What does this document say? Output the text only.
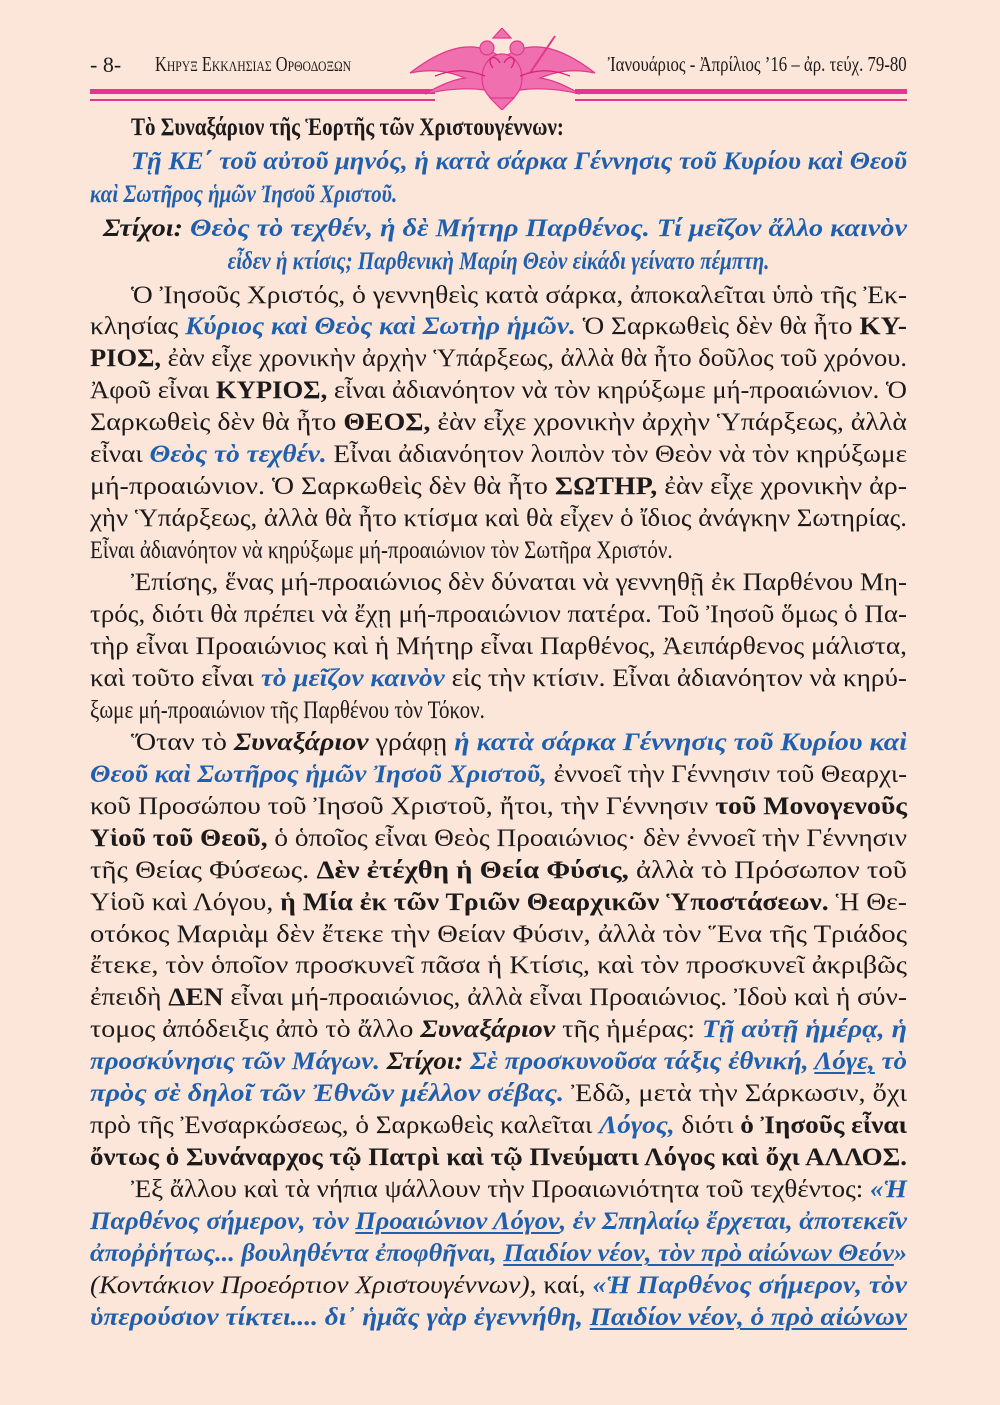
- 8- Κηρυξ Εκκλησιας Ορθοδοξων	Ἰανουάριος - Ἀπρίλιος ’16 – ἀρ. τεύχ. 79-80
Τὸ Συναξάριον τῆς Ἑορτῆς τῶν Χριστουγέννων:
Τῇ ΚΕ΄ τοῦ αὐτοῦ μηνός, ἡ κατὰ σάρκα Γέννησις τοῦ Κυρίου καὶ Θεοῦ
καὶ Σωτῆρος ἡμῶν Ἰησοῦ Χριστοῦ.
Στίχοι: Θεὸς τὸ τεχθέν, ἡ δὲ Μήτηρ Παρθένος. Τί μεῖζον ἄλλο καινὸν
εἶδεν ἡ κτίσις; Παρθενικὴ Μαρίη Θεὸν εἰκάδι γείνατο πέμπτη.
Ὁ Ἰησοῦς Χριστός, ὁ γεννηθεὶς κατὰ σάρκα, ἀποκαλεῖται ὑπὸ τῆς Ἐκ-
κλησίας Κύριος καὶ Θεὸς καὶ Σωτὴρ ἡμῶν. Ὁ Σαρκωθεὶς δὲν θὰ ἦτο ΚΥ-
ΡΙΟΣ, ἐὰν εἶχε χρονικὴν ἀρχὴν Ὑπάρξεως, ἀλλὰ θὰ ἦτο δοῦλος τοῦ χρόνου.
Ἀφοῦ εἶναι ΚΥΡΙΟΣ, εἶναι ἀδιανόητον νὰ τὸν κηρύξωμε μή-προαιώνιον. Ὁ
Σαρκωθεὶς δὲν θὰ ἦτο ΘΕΟΣ, ἐὰν εἶχε χρονικὴν ἀρχὴν Ὑπάρξεως, ἀλλὰ
εἶναι Θεὸς τὸ τεχθέν. Εἶναι ἀδιανόητον λοιπὸν τὸν Θεὸν νὰ τὸν κηρύξωμε
μή-προαιώνιον. Ὁ Σαρκωθεὶς δὲν θὰ ἦτο ΣΩΤΗΡ, ἐὰν εἶχε χρονικὴν ἀρ-
χὴν Ὑπάρξεως, ἀλλὰ θὰ ἦτο κτίσμα καὶ θὰ εἶχεν ὁ ἴδιος ἀνάγκην Σωτηρίας.
Εἶναι ἀδιανόητον νὰ κηρύξωμε μή-προαιώνιον τὸν Σωτῆρα Χριστόν.
Ἐπίσης, ἕνας μή-προαιώνιος δὲν δύναται νὰ γεννηθῇ ἐκ Παρθένου Μη-
τρός, διότι θὰ πρέπει νὰ ἔχῃ μή-προαιώνιον πατέρα. Τοῦ Ἰησοῦ ὅμως ὁ Πα-
τὴρ εἶναι Προαιώνιος καὶ ἡ Μήτηρ εἶναι Παρθένος, Ἀειπάρθενος μάλιστα,
καὶ τοῦτο εἶναι τὸ μεῖζον καινὸν εἰς τὴν κτίσιν. Εἶναι ἀδιανόητον νὰ κηρύ-
ξωμε μή-προαιώνιον τῆς Παρθένου τὸν Τόκον.
Ὅταν τὸ Συναξάριον γράφῃ ἡ κατὰ σάρκα Γέννησις τοῦ Κυρίου καὶ
Θεοῦ καὶ Σωτῆρος ἡμῶν Ἰησοῦ Χριστοῦ, ἐννοεῖ τὴν Γέννησιν τοῦ Θεαρχι-
κοῦ Προσώπου τοῦ Ἰησοῦ Χριστοῦ, ἤτοι, τὴν Γέννησιν τοῦ Μονογενοῦς
Υἱοῦ τοῦ Θεοῦ, ὁ ὁποῖος εἶναι Θεὸς Προαιώνιος· δὲν ἐννοεῖ τὴν Γέννησιν
τῆς Θείας Φύσεως. Δὲν ἐτέχθη ἡ Θεία Φύσις, ἀλλὰ τὸ Πρόσωπον τοῦ
Υἱοῦ καὶ Λόγου, ἡ Μία ἐκ τῶν Τριῶν Θεαρχικῶν Ὑποστάσεων. Ἡ Θε-
οτόκος Μαριὰμ δὲν ἔτεκε τὴν Θείαν Φύσιν, ἀλλὰ τὸν Ἕνα τῆς Τριάδος
ἔτεκε, τὸν ὁποῖον προσκυνεῖ πᾶσα ἡ Κτίσις, καὶ τὸν προσκυνεῖ ἀκριβῶς
ἐπειδὴ ΔΕΝ εἶναι μή-προαιώνιος, ἀλλὰ εἶναι Προαιώνιος. Ἰδοὺ καὶ ἡ σύν-
τομος ἀπόδειξις ἀπὸ τὸ ἄλλο Συναξάριον τῆς ἡμέρας: Τῇ αὐτῇ ἡμέρᾳ, ἡ
προσκύνησις τῶν Μάγων. Στίχοι: Σὲ προσκυνοῦσα τάξις ἐθνική, Λόγε, τὸ
πρὸς σὲ δηλοῖ τῶν Ἐθνῶν μέλλον σέβας. Ἐδῶ, μετὰ τὴν Σάρκωσιν, ὄχι
πρὸ τῆς Ἐνσαρκώσεως, ὁ Σαρκωθεὶς καλεῖται Λόγος, διότι ὁ Ἰησοῦς εἶναι
ὄντως ὁ Συνάναρχος τῷ Πατρὶ καὶ τῷ Πνεύματι Λόγος καὶ ὄχι ΑΛΛΟΣ.
Ἐξ ἄλλου καὶ τὰ νήπια ψάλλουν τὴν Προαιωνιότητα τοῦ τεχθέντος: «Ἡ
Παρθένος σήμερον, τὸν Προαιώνιον Λόγον, ἐν Σπηλαίῳ ἔρχεται, ἀποτεκεῖν
ἀποῤῥήτως... βουληθέντα ἐποφθῆναι, Παιδίον νέον, τὸν πρὸ αἰώνων Θεόν»
(Κοντάκιον Προεόρτιον Χριστουγέννων), καί, «Ἡ Παρθένος σήμερον, τὸν
ὑπερούσιον τίκτει.... δι᾽ ἡμᾶς γὰρ ἐγεννήθη, Παιδίον νέον, ὁ πρὸ αἰώνων
